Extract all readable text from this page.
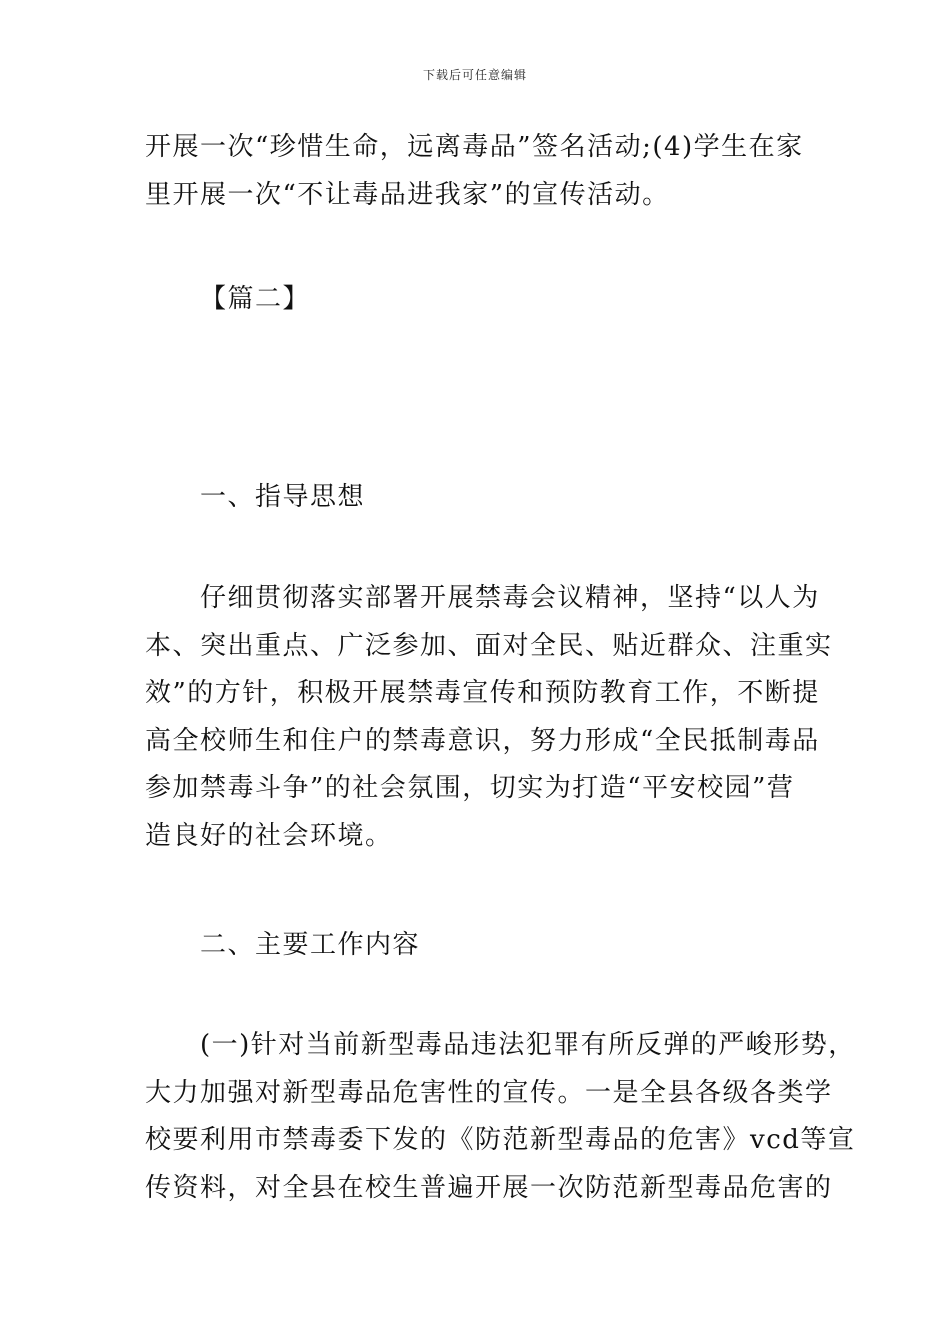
下载后可任意编辑
开展一次“珍惜生命，远离毒品”签名活动;(4)学生在家
里开展一次“不让毒品进我家”的宣传活动。
【篇二】
一、指导思想
仔细贯彻落实部署开展禁毒会议精神，坚持“以人为
本、突出重点、广泛参加、面对全民、贴近群众、注重实
效”的方针，积极开展禁毒宣传和预防教育工作，不断提
高全校师生和住户的禁毒意识，努力形成“全民抵制毒品
参加禁毒斗争”的社会氛围，切实为打造“平安校园”营
造良好的社会环境。
二、主要工作内容
(一)针对当前新型毒品违法犯罪有所反弹的严峻形势，
大力加强对新型毒品危害性的宣传。一是全县各级各类学
校要利用市禁毒委下发的《防范新型毒品的危害》vcd等宣
传资料，对全县在校生普遍开展一次防范新型毒品危害的
